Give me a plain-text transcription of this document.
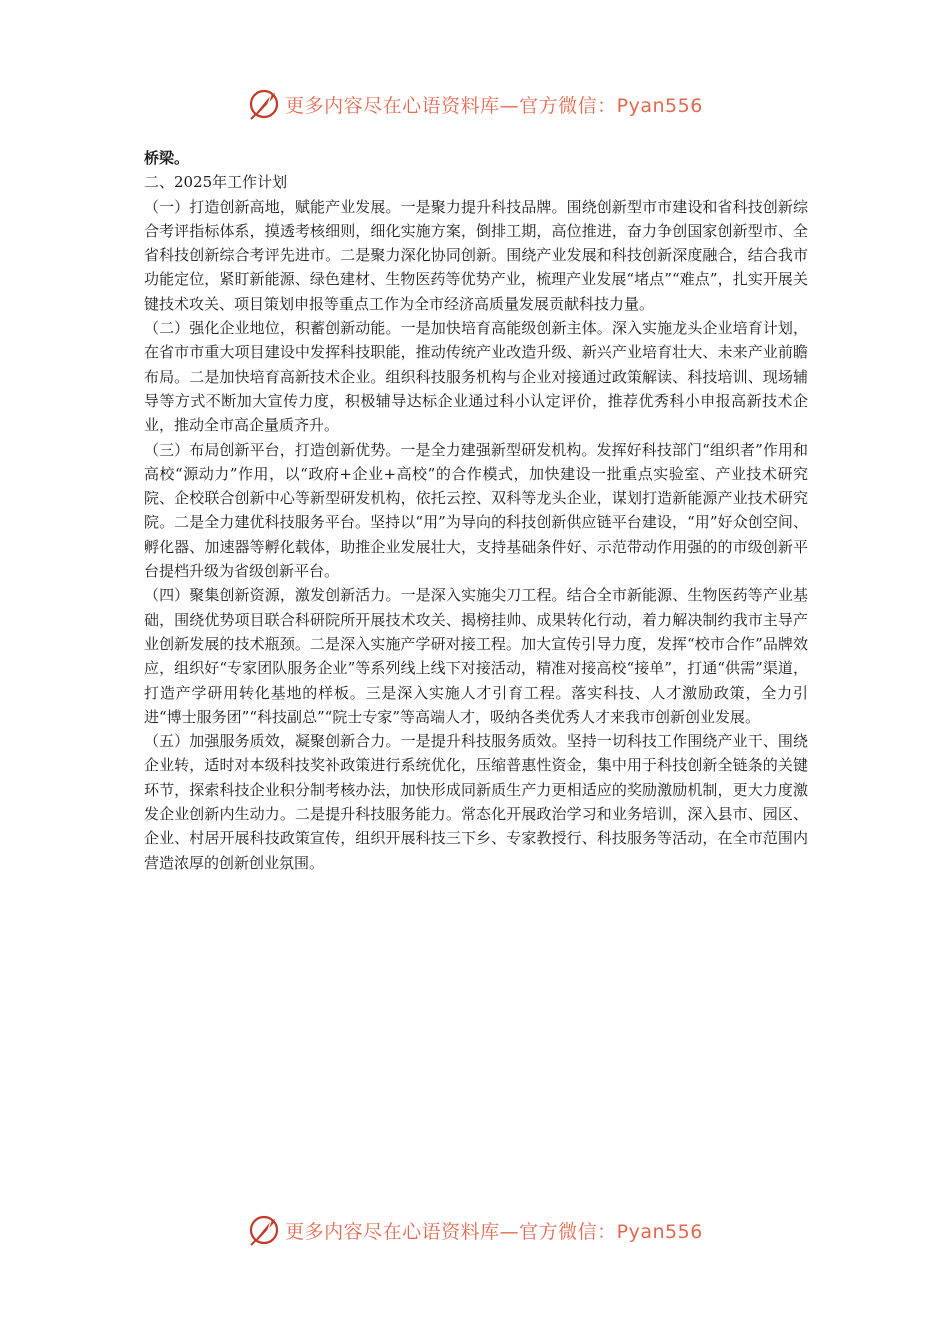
更多内容尽在心语资料库—官方微信：Pyan556

桥梁。

二、2025年工作计划

（一）打造创新高地，赋能产业发展。一是聚力提升科技品牌。围绕创新型市市建设和省科技创新综合考评指标体系，摸透考核细则，细化实施方案，倒排工期，高位推进，奋力争创国家创新型市、全省科技创新综合考评先进市。二是聚力深化协同创新。围绕产业发展和科技创新深度融合，结合我市功能定位，紧盯新能源、绿色建材、生物医药等优势产业，梳理产业发展“堵点”“难点”，扎实开展关键技术攻关、项目策划申报等重点工作为全市经济高质量发展贡献科技力量。

（二）强化企业地位，积蓄创新动能。一是加快培育高能级创新主体。深入实施龙头企业培育计划，在省市市重大项目建设中发挥科技职能，推动传统产业改造升级、新兴产业培育壮大、未来产业前瞻布局。二是加快培育高新技术企业。组织科技服务机构与企业对接通过政策解读、科技培训、现场辅导等方式不断加大宣传力度，积极辅导达标企业通过科小认定评价，推荐优秀科小申报高新技术企业，推动全市高企量质齐升。

（三）布局创新平台，打造创新优势。一是全力建强新型研发机构。发挥好科技部门“组织者”作用和高校“源动力”作用，以“政府+企业+高校”的合作模式，加快建设一批重点实验室、产业技术研究院、企校联合创新中心等新型研发机构，依托云控、双科等龙头企业，谋划打造新能源产业技术研究院。二是全力建优科技服务平台。坚持以“用”为导向的科技创新供应链平台建设，“用”好众创空间、孵化器、加速器等孵化载体，助推企业发展壮大，支持基础条件好、示范带动作用强的的市级创新平台提档升级为省级创新平台。

（四）聚集创新资源，激发创新活力。一是深入实施尖刀工程。结合全市新能源、生物医药等产业基础，围绕优势项目联合科研院所开展技术攻关、揭榜挂帅、成果转化行动，着力解决制约我市主导产业创新发展的技术瓶颈。二是深入实施产学研对接工程。加大宣传引导力度，发挥“校市合作”品牌效应，组织好“专家团队服务企业”等系列线上线下对接活动，精准对接高校“接单”，打通“供需”渠道，打造产学研用转化基地的样板。三是深入实施人才引育工程。落实科技、人才激励政策，全力引进“博士服务团”“科技副总”“院士专家”等高端人才，吸纳各类优秀人才来我市创新创业发展。

（五）加强服务质效，凝聚创新合力。一是提升科技服务质效。坚持一切科技工作围绕产业干、围绕企业转，适时对本级科技奖补政策进行系统优化，压缩普惠性资金，集中用于科技创新全链条的关键环节，探索科技企业积分制考核办法，加快形成同新质生产力更相适应的奖励激励机制，更大力度激发企业创新内生动力。二是提升科技服务能力。常态化开展政治学习和业务培训，深入县市、园区、企业、村居开展科技政策宣传，组织开展科技三下乡、专家教授行、科技服务等活动，在全市范围内营造浓厚的创新创业氛围。

更多内容尽在心语资料库—官方微信：Pyan556
